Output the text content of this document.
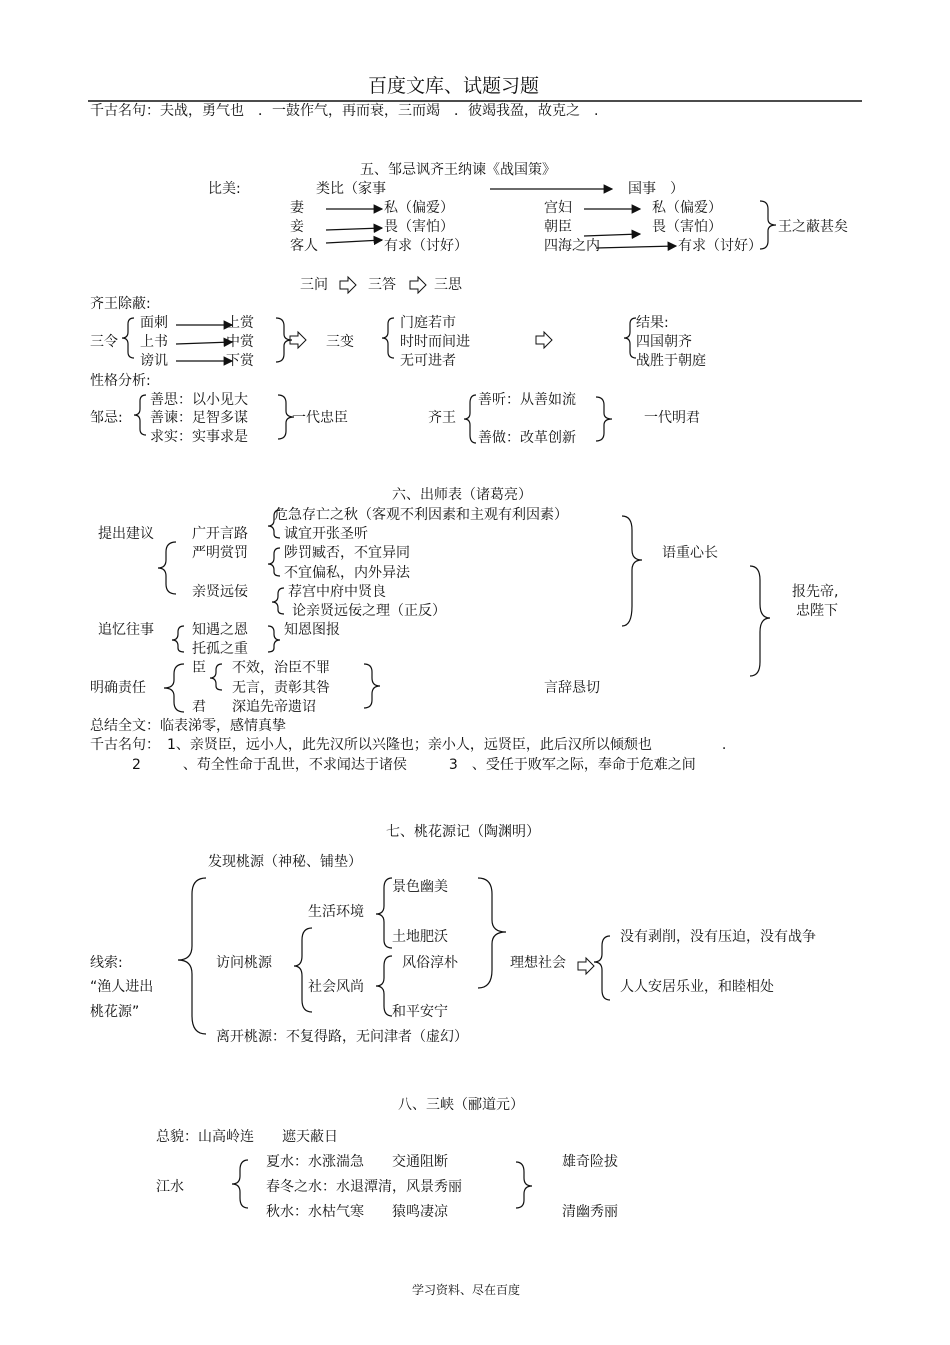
百度文库、试题习题
千古名句：夫战，勇气也　．一鼓作气，再而衰，三而竭　．彼竭我盈，故克之　.
五、邹忌讽齐王纳谏《战国策》
比美:	类比（家事	国事　）
妻
妾
客人
私（偏爱）
畏（害怕）
有求（讨好）
宫妇
朝臣
四海之内
私（偏爱）
畏（害怕）
有求（讨好）
王之蔽甚矣
三问	三答	三思
齐王除蔽:
三令
面刺
上书
谤讥
上赏
中赏
下赏
三变
门庭若市
时时而间进
无可进者
结果:
四国朝齐
战胜于朝庭
性格分析:
邹忌:
善思：以小见大
善谏：足智多谋
求实：实事求是
一代忠臣	齐王
善听：从善如流
善做：改革创新
一代明君
六、出师表（诸葛亮）
提出建议	广开言路
危急存亡之秋（客观不利因素和主观有利因素）
诚宜开张圣听
严明赏罚	陟罚臧否，不宜异同
不宜偏私，内外异法
亲贤远佞	荐宫中府中贤良
论亲贤远佞之理（正反）
语重心长
报先帝,
忠陛下
追忆往事	知遇之恩
托孤之重
知恩图报
明确责任
臣 不效，治臣不罪
无言，责彰其咎
君 深追先帝遗诏
言辞恳切
总结全文：临表涕零，感情真挚
千古名句：　1、亲贤臣，远小人，此先汉所以兴隆也；亲小人，远贤臣，此后汉所以倾颓也　　　　　.
2　　　、苟全性命于乱世，不求闻达于诸侯　　　3　、受任于败军之际，奉命于危难之间
七、桃花源记（陶渊明）
发现桃源（神秘、铺垫）
线索:
“渔人进出
桃花源”
访问桃源
生活环境
景色幽美
土地肥沃
社会风尚
风俗淳朴
和平安宁
理想社会
没有剥削，没有压迫，没有战争
人人安居乐业，和睦相处
离开桃源：不复得路，无问津者（虚幻）
八、三峡（郦道元）
总貌：山高岭连　　遮天蔽日
江水
夏水：水涨湍急　　交通阻断
春冬之水：水退潭清，风景秀丽
秋水：水枯气寒　　猿鸣凄凉
雄奇险拔
清幽秀丽
学习资料、尽在百度
